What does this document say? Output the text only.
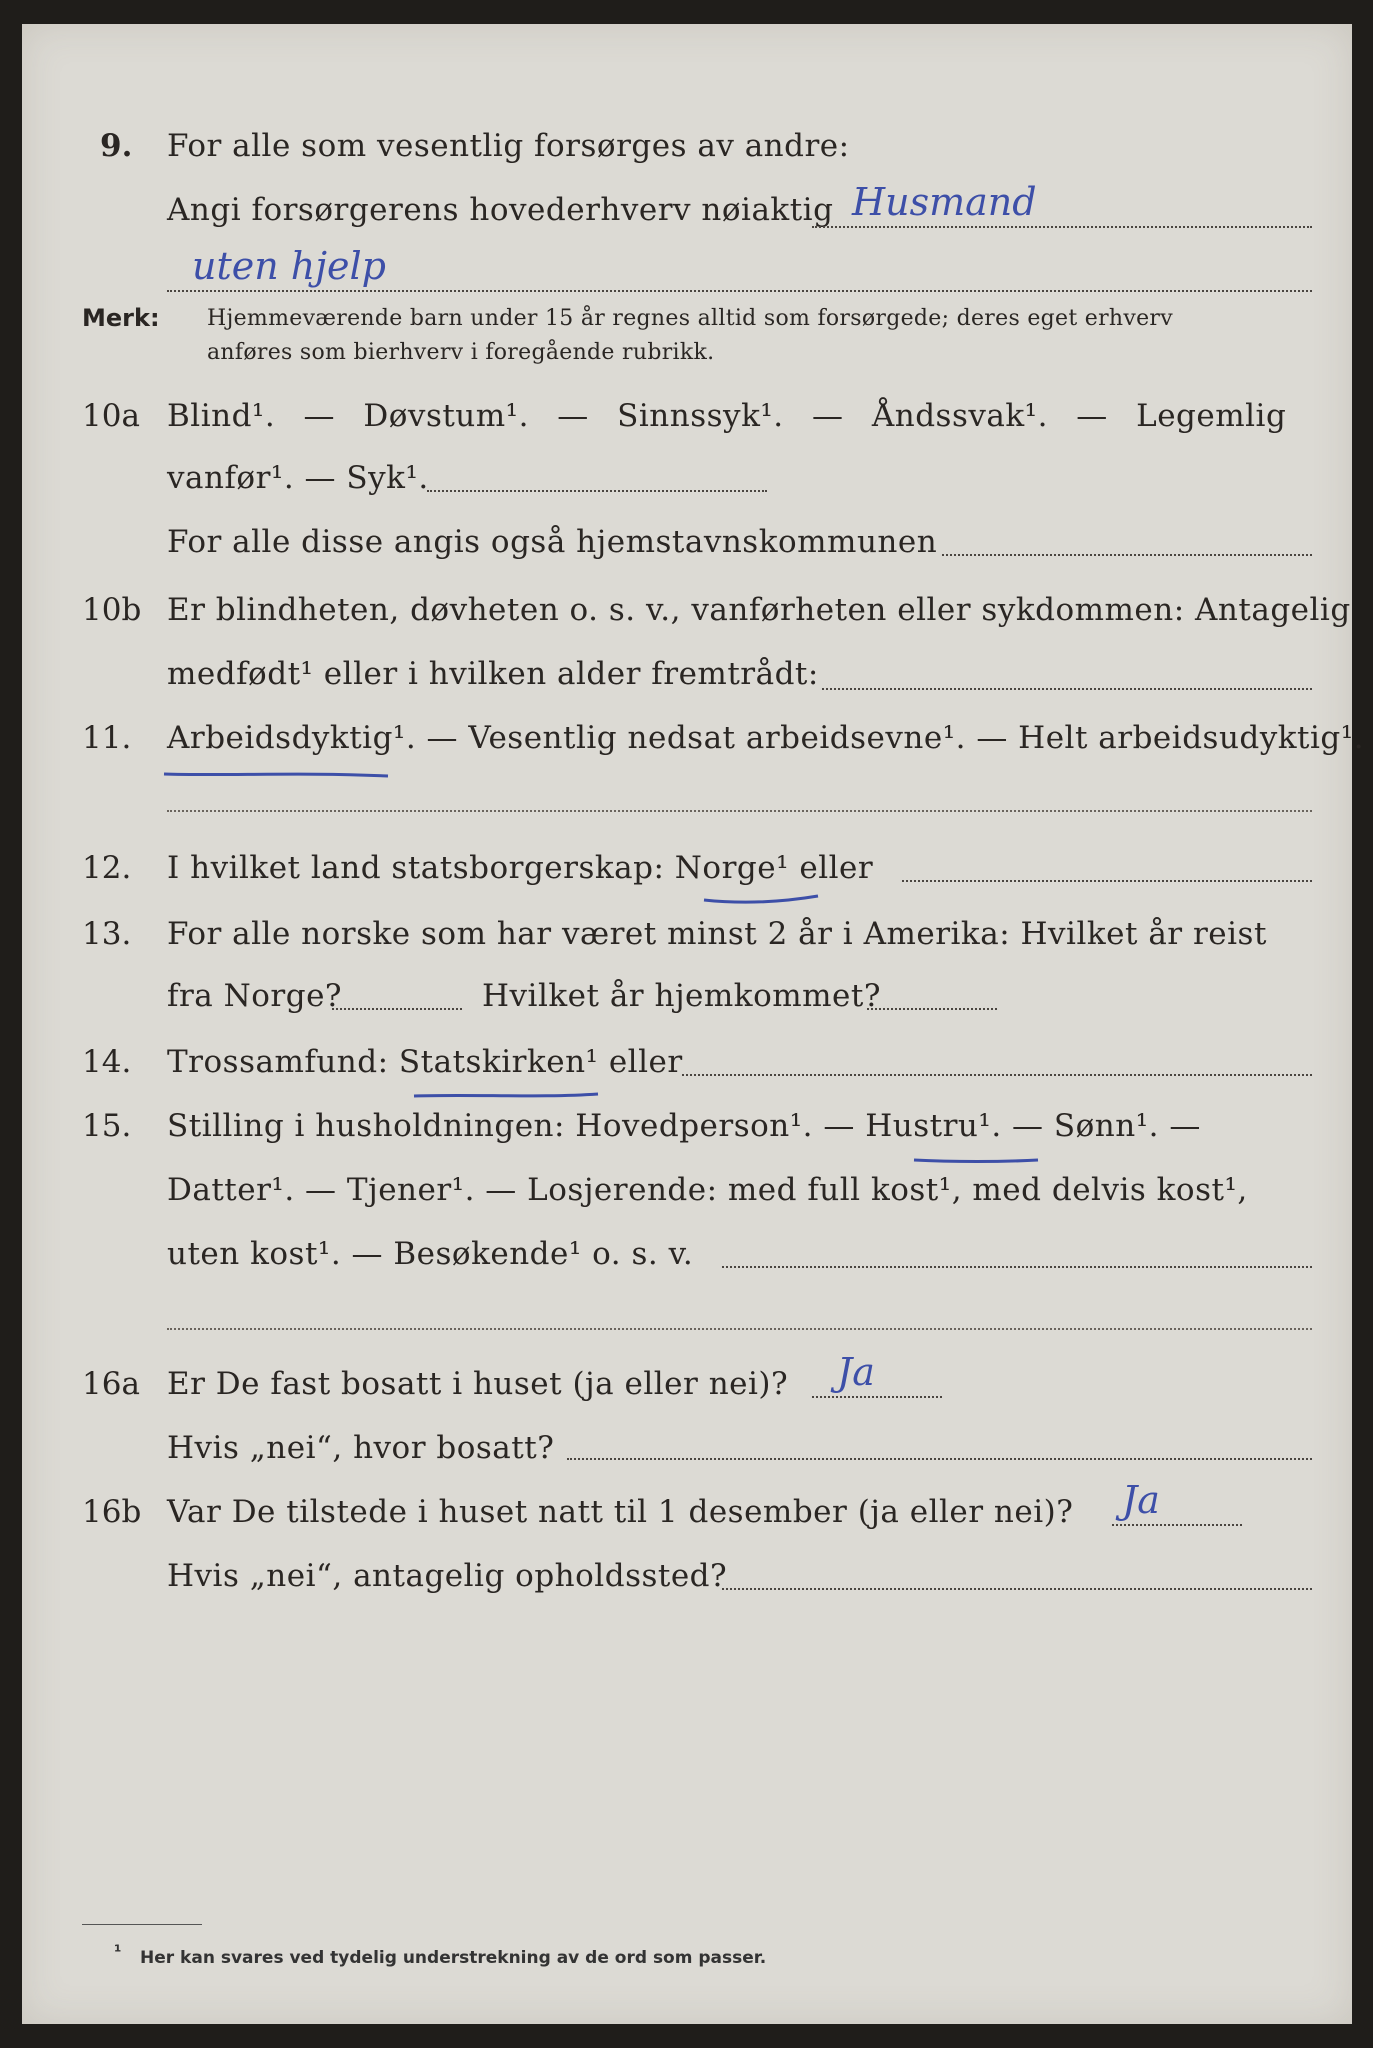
9. For alle som vesentlig forsørges av andre:
Angi forsørgerens hovederhverv nøiaktig Husmand
uten hjelp
Merk: Hjemmeværende barn under 15 år regnes alltid som forsørgede; deres eget erhverv
anføres som bierhverv i foregående rubrikk.
10a Blind¹. — Døvstum¹. — Sinnssyk¹. — Åndssvak¹. — Legemlig
vanfør¹. — Syk¹.
For alle disse angis også hjemstavnskommunen
10b Er blindheten, døvheten o. s. v., vanførheten eller sykdommen: Antagelig
medfødt¹ eller i hvilken alder fremtrådt:
11. Arbeidsdyktig¹. — Vesentlig nedsat arbeidsevne¹. — Helt arbeidsudyktig¹.
12. I hvilket land statsborgerskap: Norge¹ eller
13. For alle norske som har været minst 2 år i Amerika: Hvilket år reist
fra Norge?	Hvilket år hjemkommet?
14. Trossamfund: Statskirken¹ eller
15. Stilling i husholdningen: Hovedperson¹. — Hustru¹. — Sønn¹. —
Datter¹. — Tjener¹. — Losjerende: med full kost¹, med delvis kost¹,
uten kost¹. — Besøkende¹ o. s. v.
16a Er De fast bosatt i huset (ja eller nei)? Ja
Hvis „nei“, hvor bosatt?
16b Var De tilstede i huset natt til 1 desember (ja eller nei)? Ja
Hvis „nei“, antagelig opholdssted?
¹ Her kan svares ved tydelig understrekning av de ord som passer.
